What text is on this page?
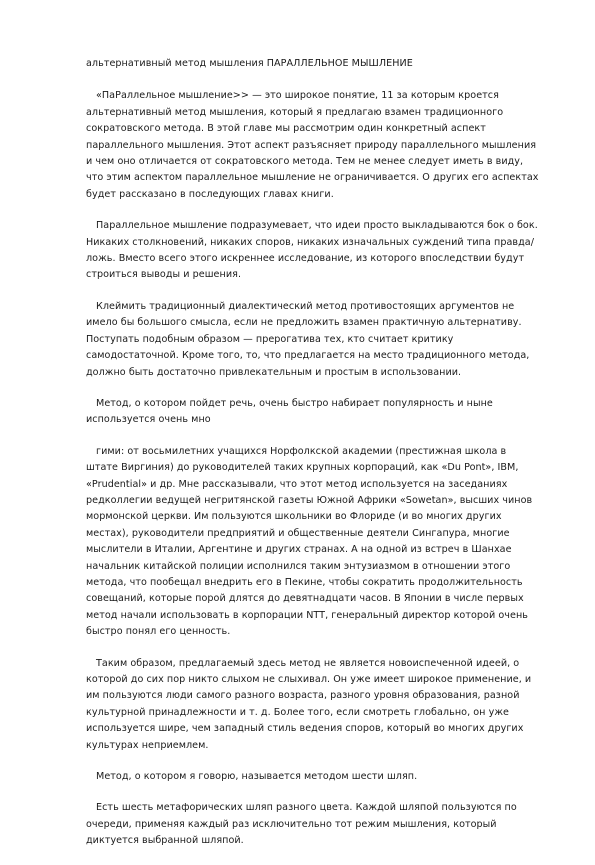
альтернативный метод мышления ПАРАЛЛЕЛЬНОЕ МЫШЛЕНИЕ

«ПаРаллельное мышление>> — это широкое понятие, 11 за которым кроется альтернативный метод мышления, который я предлагаю взамен традиционного сократовского метода. В этой главе мы рассмотрим один конкретный аспект параллельного мышления. Этот аспект разъясняет природу параллельного мышления и чем оно отличается от сократовского метода. Тем не менее следует иметь в виду, что этим аспектом параллельное мышление не ограничивается. О других его аспектах будет рассказано в последующих главах книги.

Параллельное мышление подразумевает, что идеи просто выкладываются бок о бок. Никаких столкновений, никаких споров, никаких изначальных суждений типа правда/ложь. Вместо всего этого искреннее исследование, из которого впоследствии будут строиться выводы и решения.

Клеймить традиционный диалектический метод противостоящих аргументов не имело бы большого смысла, если не предложить взамен практичную альтернативу. Поступать подобным образом — прерогатива тех, кто считает критику самодостаточной. Кроме того, то, что предлагается на место традиционного метода, должно быть достаточно привлекательным и простым в использовании.

Метод, о котором пойдет речь, очень быстро набирает популярность и ныне используется очень мно

гими: от восьмилетних учащихся Норфолкской академии (престижная школа в штате Виргиния) до руководителей таких крупных корпораций, как «Du Pont», IBM, «Prudential» и др. Мне рассказывали, что этот метод используется на заседаниях редколлегии ведущей негритянской газеты Южной Африки «Sowetan», высших чинов мормонской церкви. Им пользуются школьники во Флориде (и во многих других местах), руководители предприятий и общественные деятели Сингапура, многие мыслители в Италии, Аргентине и других странах. А на одной из встреч в Шанхае начальник китайской полиции исполнился таким энтузиазмом в отношении этого метода, что пообещал внедрить его в Пекине, чтобы сократить продолжительность совещаний, которые порой длятся до девятнадцати часов. В Японии в числе первых метод начали использовать в корпорации NTT, генеральный директор которой очень быстро понял его ценность.

Таким образом, предлагаемый здесь метод не является новоиспеченной идеей, о которой до сих пор никто слыхом не слыхивал. Он уже имеет широкое применение, и им пользуются люди самого разного возраста, разного уровня образования, разной культурной принадлежности и т. д. Более того, если смотреть глобально, он уже используется шире, чем западный стиль ведения споров, который во многих других культурах неприемлем.

Метод, о котором я говорю, называется методом шести шляп.

Есть шесть метафорических шляп разного цвета. Каждой шляпой пользуются по очереди, применяя каждый раз исключительно тот режим мышления, который диктуется выбранной шляпой.
